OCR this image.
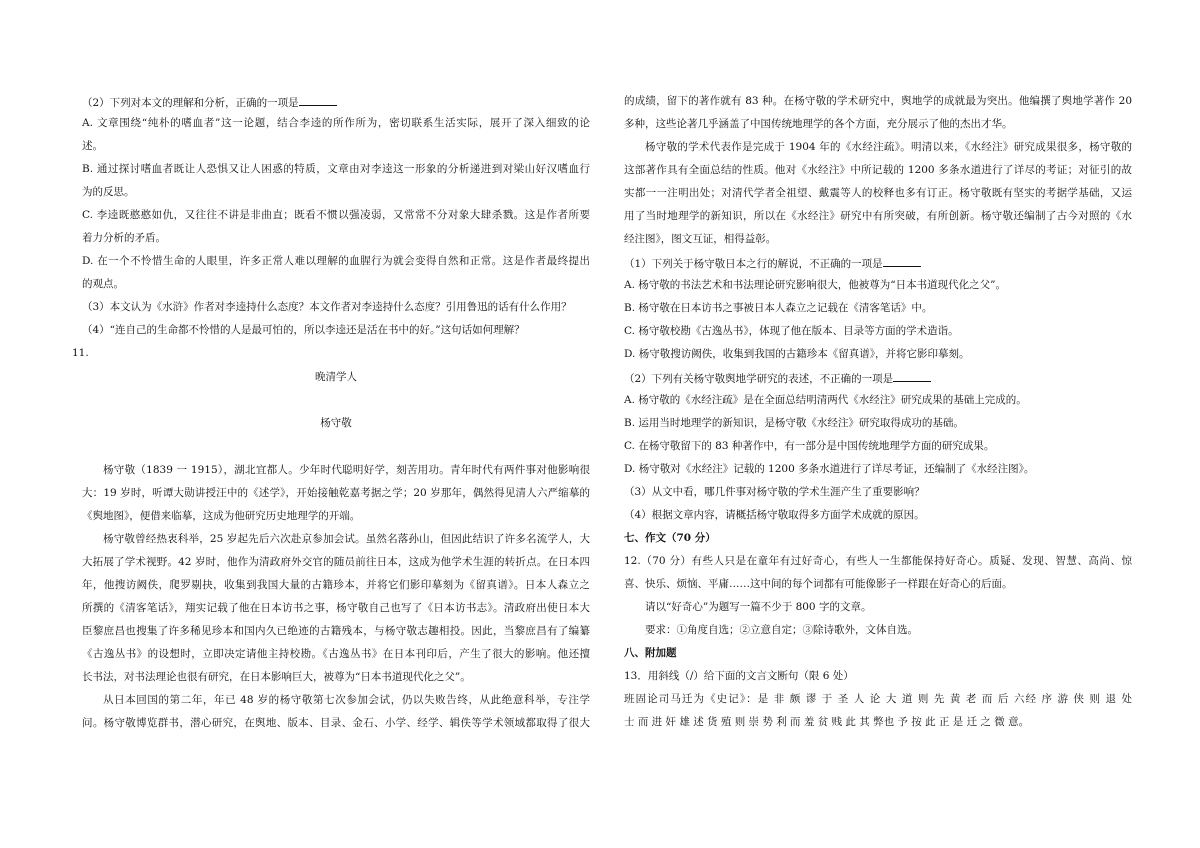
（2）下列对本文的理解和分析，正确的一项是
A. 文章围绕“纯朴的嗜血者”这一论题，结合李逵的所作所为，密切联系生活实际，展开了深入细致的论
述。
B. 通过探讨嗜血者既让人恐惧又让人困惑的特质，文章由对李逵这一形象的分析递进到对梁山好汉嗜血行
为的反思。
C. 李逵既憨憨如仇，又往往不讲是非曲直；既看不惯以强凌弱，又常常不分对象大肆杀戮。这是作者所要
着力分析的矛盾。
D. 在一个不怜惜生命的人眼里，许多正常人难以理解的血腥行为就会变得自然和正常。这是作者最终提出
的观点。
（3）本文认为《水浒》作者对李逵持什么态度？本文作者对李逵持什么态度？引用鲁迅的话有什么作用？
（4）“连自己的生命都不怜惜的人是最可怕的，所以李逵还是活在书中的好。”这句话如何理解？
11.
晚清学人
杨守敬
杨守敬（1839 一 1915），湖北宜都人。少年时代聪明好学，刻苦用功。青年时代有两件事对他影响很
大：19 岁时，听谭大勋讲授汪中的《述学》，开始接触乾嘉考据之学；20 岁那年，偶然得见清人六严缩摹的
《舆地图》，便借来临摹，这成为他研究历史地理学的开端。
杨守敬曾经热衷科举，25 岁起先后六次赴京参加会试。虽然名落孙山，但因此结识了许多名流学人，大
大拓展了学术视野。42 岁时，他作为清政府外交官的随员前往日本，这成为他学术生涯的转折点。在日本四
年，他搜访阙佚，爬罗剔抉，收集到我国大量的古籍珍本，并将它们影印摹刻为《留真谱》。日本人森立之
所撰的《清客笔话》，翔实记载了他在日本访书之事，杨守敬自己也写了《日本访书志》。清政府出使日本大
臣黎庶昌也搜集了许多稀见珍本和国内久已绝迹的古籍残本，与杨守敬志趣相投。因此，当黎庶昌有了编纂
《古逸丛书》的设想时，立即决定请他主持校勘。《古逸丛书》在日本刊印后，产生了很大的影响。他还擅
长书法，对书法理论也很有研究，在日本影响巨大，被尊为“日本书道现代化之父”。
从日本回国的第二年，年已 48 岁的杨守敬第七次参加会试，仍以失败告终，从此绝意科举，专注学
问。杨守敬博览群书，潜心研究，在舆地、版本、目录、金石、小学、经学、辑佚等学术领域都取得了很大
的成绩，留下的著作就有 83 种。在杨守敬的学术研究中，舆地学的成就最为突出。他编撰了舆地学著作 20
多种，这些论著几乎涵盖了中国传统地理学的各个方面，充分展示了他的杰出才华。
杨守敬的学术代表作是完成于 1904 年的《水经注疏》。明清以来，《水经注》研究成果很多，杨守敬的
这部著作具有全面总结的性质。他对《水经注》中所记载的 1200 多条水道进行了详尽的考证；对征引的故
实都一一注明出处；对清代学者全祖望、戴震等人的校释也多有订正。杨守敬既有坚实的考据学基础，又运
用了当时地理学的新知识，所以在《水经注》研究中有所突破，有所创新。杨守敬还编制了古今对照的《水
经注图》，图文互证，相得益彰。
（1）下列关于杨守敬日本之行的解说，不正确的一项是
A. 杨守敬的书法艺术和书法理论研究影响很大，他被尊为“日本书道现代化之父”。
B. 杨守敬在日本访书之事被日本人森立之记载在《清客笔话》中。
C. 杨守敬校勘《古逸丛书》，体现了他在版本、目录等方面的学术造诣。
D. 杨守敬搜访阙佚，收集到我国的古籍珍本《留真谱》，并将它影印摹刻。
（2）下列有关杨守敬舆地学研究的表述，不正确的一项是
A. 杨守敬的《水经注疏》是在全面总结明清两代《水经注》研究成果的基础上完成的。
B. 运用当时地理学的新知识，是杨守敬《水经注》研究取得成功的基础。
C. 在杨守敬留下的 83 种著作中，有一部分是中国传统地理学方面的研究成果。
D. 杨守敬对《水经注》记载的 1200 多条水道进行了详尽考证，还编制了《水经注图》。
（3）从文中看，哪几件事对杨守敬的学术生涯产生了重要影响？
（4）根据文章内容，请概括杨守敬取得多方面学术成就的原因。
七、作文（70 分）
12.（70 分）有些人只是在童年有过好奇心，有些人一生都能保持好奇心。质疑、发现、智慧、高尚、惊
喜、快乐、烦恼、平庸……这中间的每个词都有可能像影子一样跟在好奇心的后面。
请以“好奇心”为题写一篇不少于 800 字的文章。
要求：①角度自选；②立意自定；③除诗歌外，文体自选。
八、附加题
13．用斜线（/）给下面的文言文断句（限 6 处）
班固论司马迁为《史记》：是 非 颇 谬 于 圣 人 论 大 道 则 先 黄 老 而 后 六经 序 游 侠 则 退 处
士 而 进 奸 雄 述 货 殖 则 崇 势 利 而 羞 贫 贱 此 其 弊也 予 按 此 正 是 迁 之 微 意。
